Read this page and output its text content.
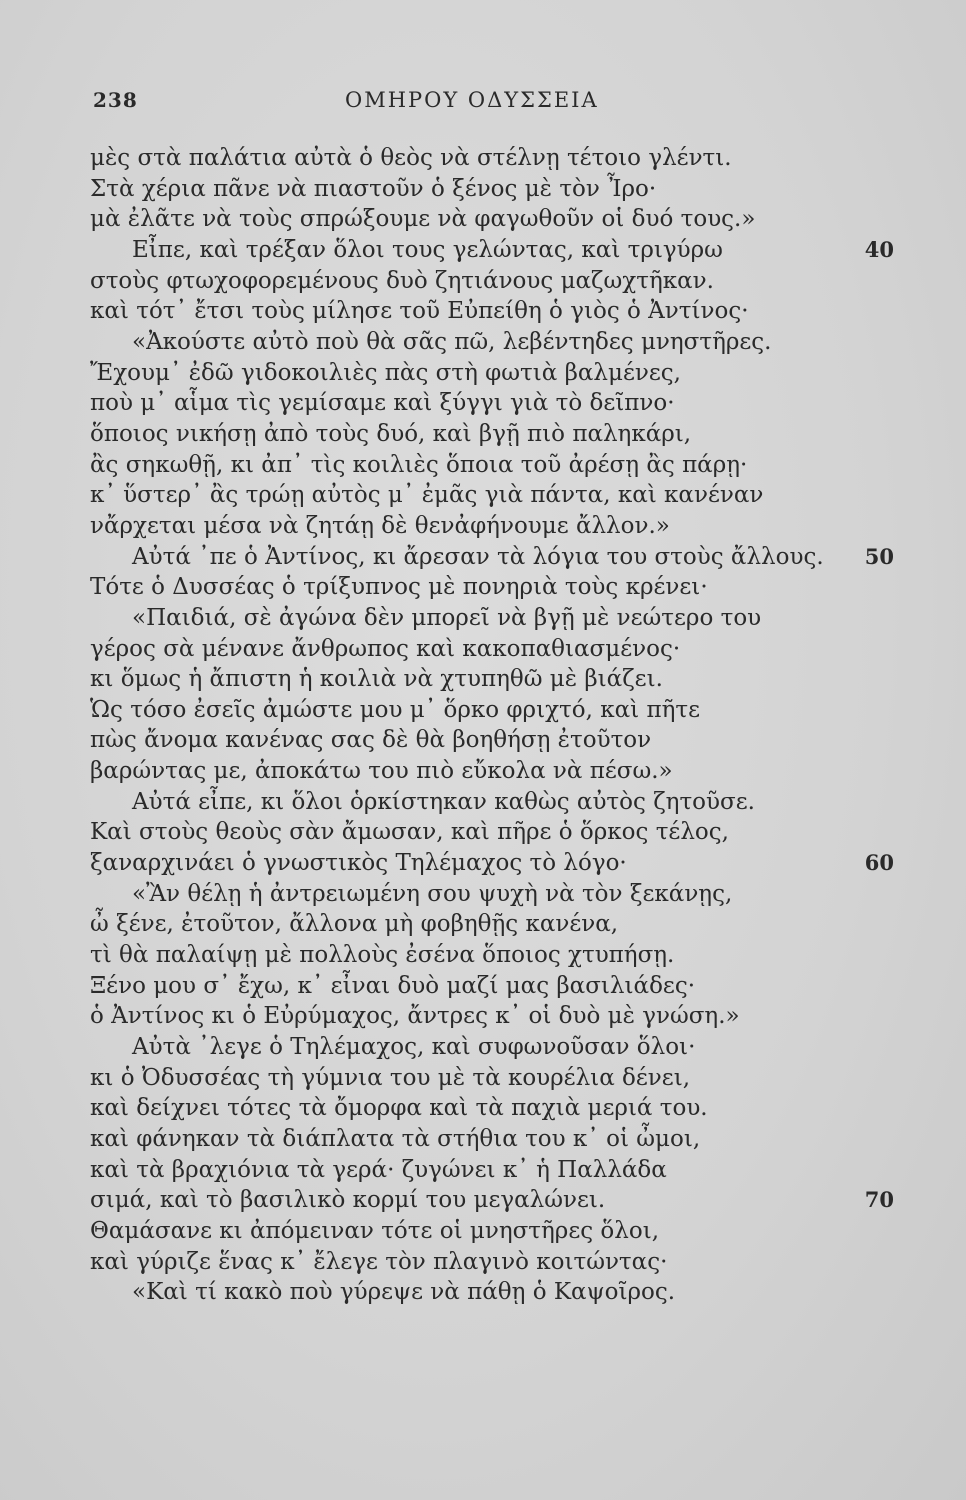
238	ΟΜΗΡΟΥ ΟΔΥΣΣΕΙΑ
μὲς στὰ παλάτια αὐτὰ ὁ θεὸς νὰ στέλνῃ τέτοιο γλέντι.
Στὰ χέρια πᾶνε νὰ πιαστοῦν ὁ ξένος μὲ τὸν Ἶρο·
μὰ ἐλᾶτε νὰ τοὺς σπρώξουμε νὰ φαγωθοῦν οἱ δυό τους.»
Εἶπε, καὶ τρέξαν ὅλοι τους γελώντας, καὶ τριγύρω	40
στοὺς φτωχοφορεμένους δυὸ ζητιάνους μαζωχτῆκαν.
καὶ τότ᾽ ἔτσι τοὺς μίλησε τοῦ Εὐπείθη ὁ γιὸς ὁ Ἀντίνος·
«Ἀκούστε αὐτὸ ποὺ θὰ σᾶς πῶ, λεβέντηδες μνηστῆρες.
Ἔχουμ᾽ ἐδῶ γιδοκοιλιὲς πὰς στὴ φωτιὰ βαλμένες,
ποὺ μ᾽ αἷμα τὶς γεμίσαμε καὶ ξύγγι γιὰ τὸ δεῖπνο·
ὅποιος νικήσῃ ἀπὸ τοὺς δυό, καὶ βγῇ πιὸ παληκάρι,
ἂς σηκωθῇ, κι ἀπ᾽ τὶς κοιλιὲς ὅποια τοῦ ἀρέσῃ ἂς πάρῃ·
κ᾽ ὕστερ᾽ ἂς τρώῃ αὐτὸς μ᾽ ἐμᾶς γιὰ πάντα, καὶ κανέναν
νἄρχεται μέσα νὰ ζητάῃ δὲ θενἀφήνουμε ἄλλον.»
Αὐτά ᾽πε ὁ Ἀντίνος, κι ἄρεσαν τὰ λόγια του στοὺς ἄλλους. 50
Τότε ὁ Δυσσέας ὁ τρίξυπνος μὲ πονηριὰ τοὺς κρένει·
«Παιδιά, σὲ ἀγώνα δὲν μπορεῖ νὰ βγῇ μὲ νεώτερο του
γέρος σὰ μένανε ἄνθρωπος καὶ κακοπαθιασμένος·
κι ὅμως ἡ ἄπιστη ἡ κοιλιὰ νὰ χτυπηθῶ μὲ βιάζει.
Ὡς τόσο ἐσεῖς ἀμώστε μου μ᾽ ὅρκο φριχτό, καὶ πῆτε
πὼς ἄνομα κανένας σας δὲ θὰ βοηθήσῃ ἐτοῦτον
βαρώντας με, ἀποκάτω του πιὸ εὔκολα νὰ πέσω.»
Αὐτά εἶπε, κι ὅλοι ὁρκίστηκαν καθὼς αὐτὸς ζητοῦσε.
Καὶ στοὺς θεοὺς σὰν ἄμωσαν, καὶ πῆρε ὁ ὅρκος τέλος,
ξαναρχινάει ὁ γνωστικὸς Τηλέμαχος τὸ λόγο·	60
«Ἂν θέλῃ ἡ ἀντρειωμένη σου ψυχὴ νὰ τὸν ξεκάνῃς,
ὦ ξένε, ἐτοῦτον, ἄλλονα μὴ φοβηθῇς κανένα,
τὶ θὰ παλαίψῃ μὲ πολλοὺς ἐσένα ὅποιος χτυπήσῃ.
Ξένο μου σ᾽ ἔχω, κ᾽ εἶναι δυὸ μαζί μας βασιλιάδες·
ὁ Ἀντίνος κι ὁ Εὐρύμαχος, ἄντρες κ᾽ οἱ δυὸ μὲ γνώση.»
Αὐτὰ ᾽λεγε ὁ Τηλέμαχος, καὶ συφωνοῦσαν ὅλοι·
κι ὁ Ὀδυσσέας τὴ γύμνια του μὲ τὰ κουρέλια δένει,
καὶ δείχνει τότες τὰ ὄμορφα καὶ τὰ παχιὰ μεριά του.
καὶ φάνηκαν τὰ διάπλατα τὰ στήθια του κ᾽ οἱ ὦμοι,
καὶ τὰ βραχιόνια τὰ γερά· ζυγώνει κ᾽ ἡ Παλλάδα
σιμά, καὶ τὸ βασιλικὸ κορμί του μεγαλώνει.	70
Θαμάσανε κι ἀπόμειναν τότε οἱ μνηστῆρες ὅλοι,
καὶ γύριζε ἕνας κ᾽ ἔλεγε τὸν πλαγινὸ κοιτώντας·
«Καὶ τί κακὸ ποὺ γύρεψε νὰ πάθῃ ὁ Καψοῖρος.
